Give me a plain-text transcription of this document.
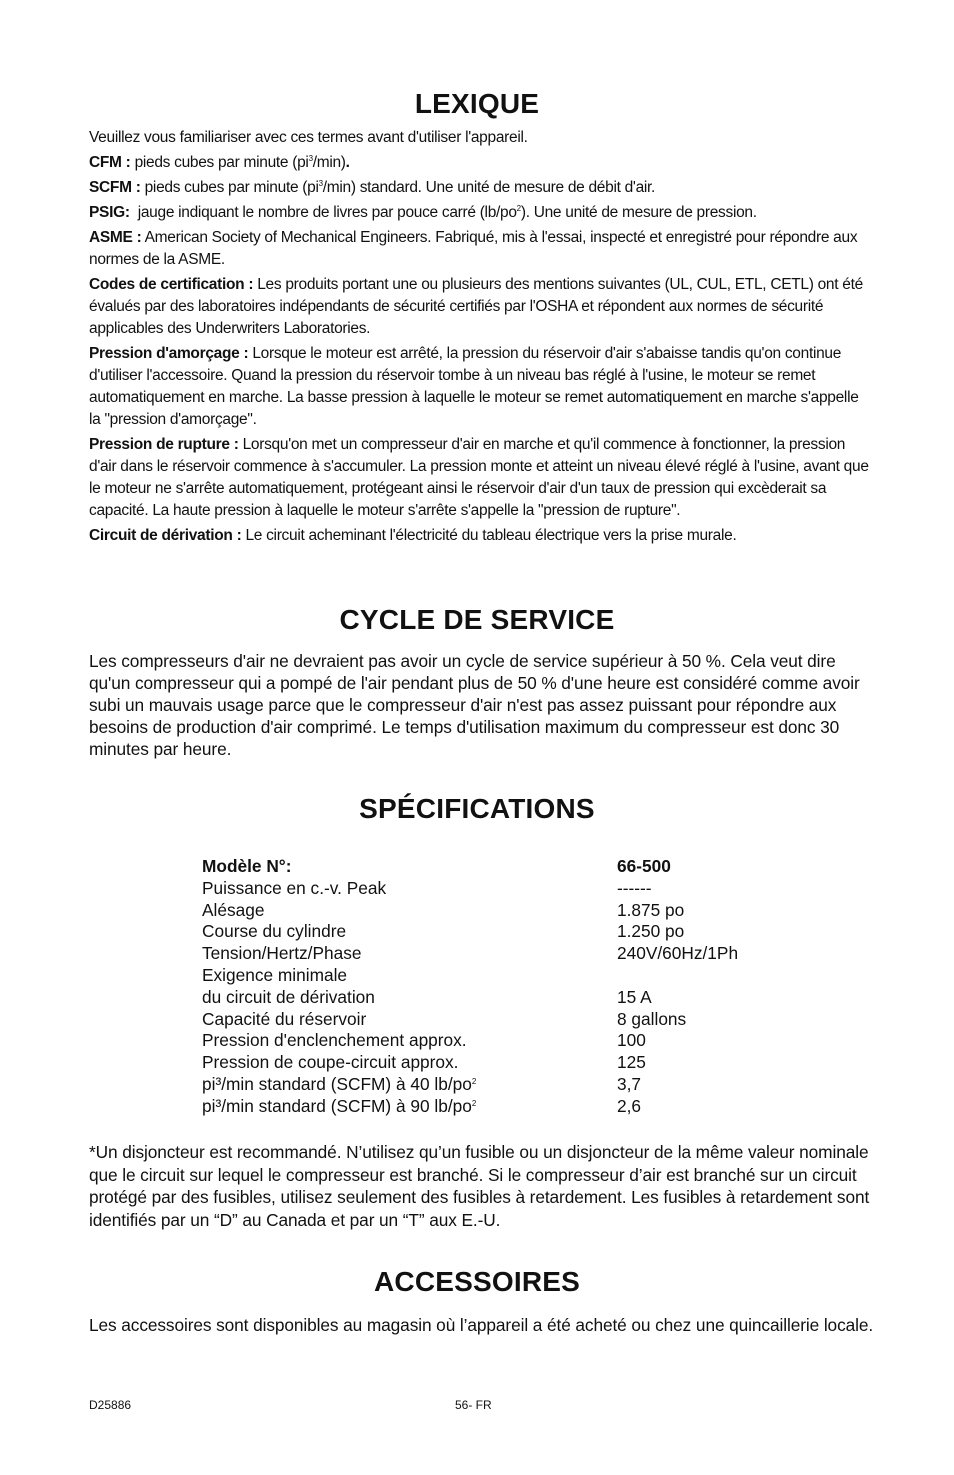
LEXIQUE

Veuillez vous familiariser avec ces termes avant d'utiliser l'appareil.

CFM : pieds cubes par minute $(pi^3/\min)$.

SCFM : pieds cubes par minute $(pi^3/\min)$ standard. Une unité de mesure de débit d'air.

PSIG: jauge indiquant le nombre de livres par pouce carré $(lb/po^2)$. Une unité de mesure de pression.

ASME : American Society of Mechanical Engineers. Fabriqué, mis à l'essai, inspecté et enregistré pour répondre aux normes de la ASME.

Codes de certification : Les produits portant une ou plusieurs des mentions suivantes (UL, CUL, ETL, CETL) ont été évalués par des laboratoires indépendants de sécurité certifiés par l'OSHA et répondent aux normes de sécurité applicables des Underwriters Laboratories.

Pression d'amorçage : Lorsque le moteur est arrêté, la pression du réservoir d'air s'abaisse tandis qu'on continue d'utiliser l'accessoire. Quand la pression du réservoir tombe à un niveau bas réglé à l'usine, le moteur se remet automatiquement en marche. La basse pression à laquelle le moteur se remet automatiquement en marche s'appelle la "pression d'amorçage".

Pression de rupture : Lorsqu'on met un compresseur d'air en marche et qu'il commence à fonctionner, la pression d'air dans le réservoir commence à s'accumuler. La pression monte et atteint un niveau élevé réglé à l'usine, avant que le moteur ne s'arrête automatiquement, protégeant ainsi le réservoir d'air d'un taux de pression qui excèderait sa capacité. La haute pression à laquelle le moteur s'arrête s'appelle la "pression de rupture".

Circuit de dérivation : Le circuit acheminant l'électricité du tableau électrique vers la prise murale.

CYCLE DE SERVICE

Les compresseurs d'air ne devraient pas avoir un cycle de service supérieur à 50 %. Cela veut dire qu'un compresseur qui a pompé de l'air pendant plus de 50 % d'une heure est considéré comme avoir subi un mauvais usage parce que le compresseur d'air n'est pas assez puissant pour répondre aux besoins de production d'air comprimé. Le temps d'utilisation maximum du compresseur est donc 30 minutes par heure.

SPÉCIFICATIONS
Modèle N°:	66-500
Puissance en c.-v. Peak	------
Alésage	1.875 po
Course du cylindre	1.250 po
Tension/Hertz/Phase	240V/60Hz/1Ph
Exigence minimale
du circuit de dérivation	15 A
Capacité du réservoir	8 gallons
Pression d'enclenchement approx.	100
Pression de coupe-circuit approx.	125
pi³/min standard (SCFM) à 40 $lb/po^2$	3,7
pi³/min standard (SCFM) à 90 $lb/po^2$	2,6

*Un disjoncteur est recommandé. N’utilisez qu’un fusible ou un disjoncteur de la même valeur nominale que le circuit sur lequel le compresseur est branché. Si le compresseur d’air est branché sur un circuit protégé par des fusibles, utilisez seulement des fusibles à retardement. Les fusibles à retardement sont identifiés par un “D” au Canada et par un “T” aux E.-U.

ACCESSOIRES

Les accessoires sont disponibles au magasin où l’appareil a été acheté ou chez une quincaillerie locale.

D25886	56- FR
